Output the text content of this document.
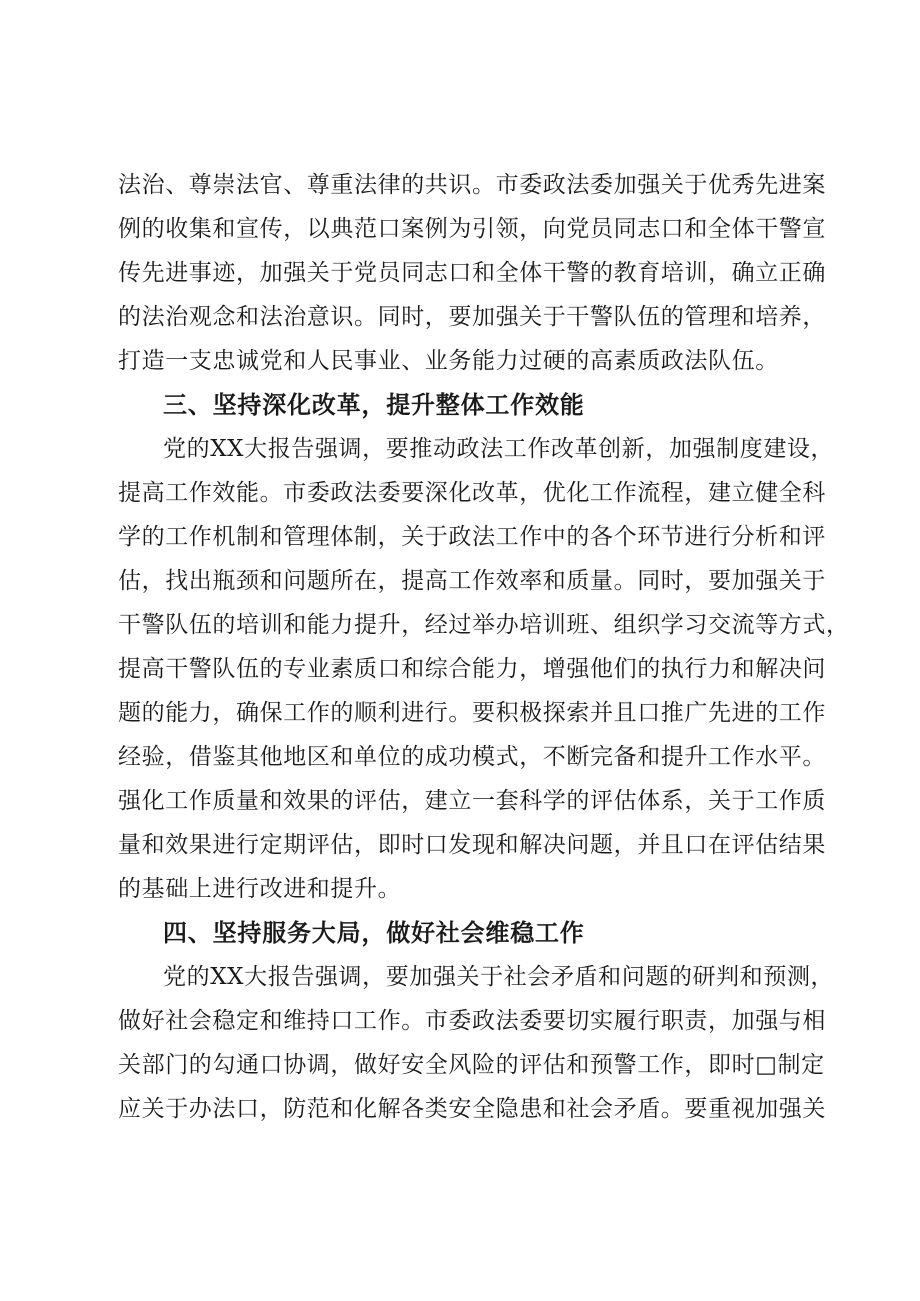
法治、尊崇法官、尊重法律的共识。市委政法委加强关于优秀先进案
例的收集和宣传，以典范口案例为引领，向党员同志口和全体干警宣
传先进事迹，加强关于党员同志口和全体干警的教育培训，确立正确
的法治观念和法治意识。同时，要加强关于干警队伍的管理和培养，
打造一支忠诚党和人民事业、业务能力过硬的高素质政法队伍。
三、坚持深化改革，提升整体工作效能
党的XX大报告强调，要推动政法工作改革创新，加强制度建设，
提高工作效能。市委政法委要深化改革，优化工作流程，建立健全科
学的工作机制和管理体制，关于政法工作中的各个环节进行分析和评
估，找出瓶颈和问题所在，提高工作效率和质量。同时，要加强关于
干警队伍的培训和能力提升，经过举办培训班、组织学习交流等方式，
提高干警队伍的专业素质口和综合能力，增强他们的执行力和解决问
题的能力，确保工作的顺利进行。要积极探索并且口推广先进的工作
经验，借鉴其他地区和单位的成功模式，不断完备和提升工作水平。
强化工作质量和效果的评估，建立一套科学的评估体系，关于工作质
量和效果进行定期评估，即时口发现和解决问题，并且口在评估结果
的基础上进行改进和提升。
四、坚持服务大局，做好社会维稳工作
党的XX大报告强调，要加强关于社会矛盾和问题的研判和预测，
做好社会稳定和维持口工作。市委政法委要切实履行职责，加强与相
关部门的勾通口协调，做好安全风险的评估和预警工作，即时□制定
应关于办法口，防范和化解各类安全隐患和社会矛盾。要重视加强关
